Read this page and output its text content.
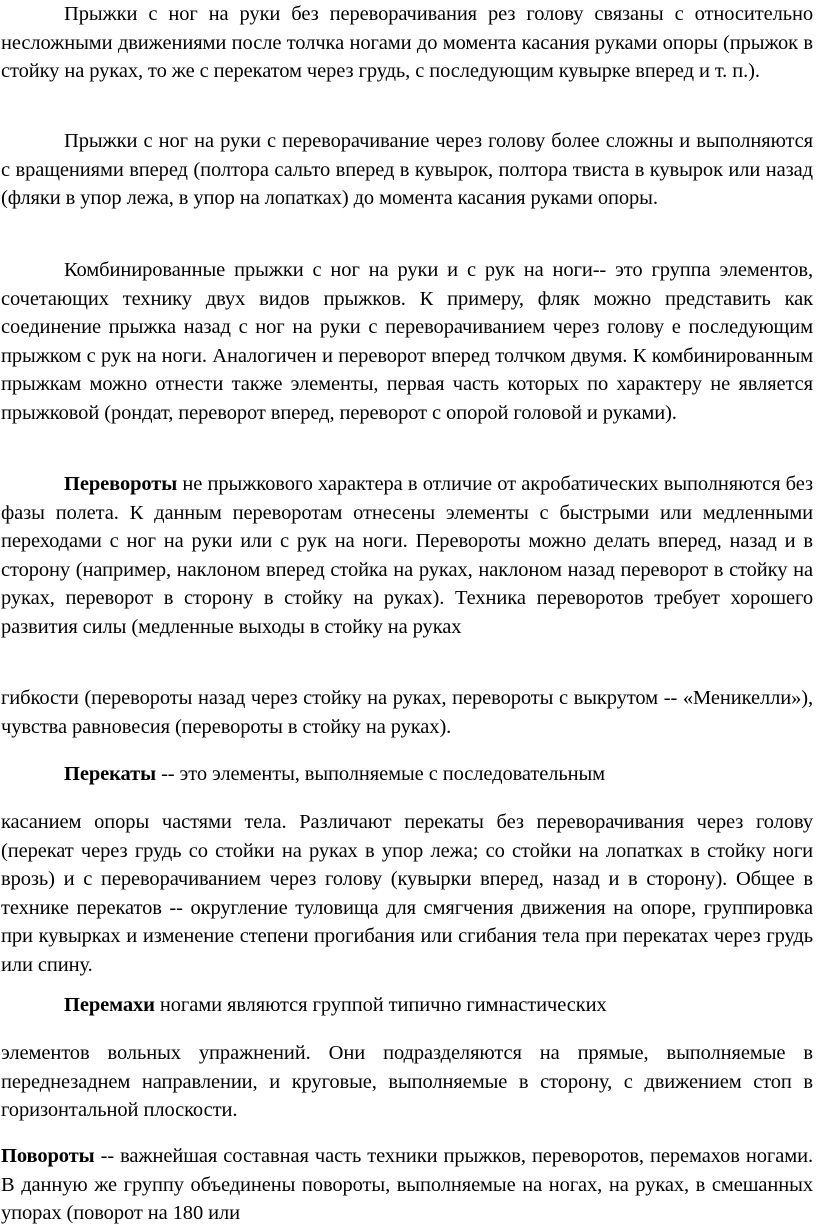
Прыжки с ног на руки без переворачивания рез голову связаны с относительно несложными движениями после толчка ногами до момента касания руками опоры (прыжок в стойку на руках, то же с перекатом через грудь, с последующим кувырке вперед и т. п.).

Прыжки с ног на руки с переворачивание через голову более сложны и выполняются с вращениями вперед (полтора сальто вперед в кувырок, полтора твиста в кувырок или назад (фляки в упор лежа, в упор на лопатках) до момента касания руками опоры.

Комбинированные прыжки с ног на руки и с рук на ноги-- это группа элементов, сочетающих технику двух видов прыжков. К примеру, фляк можно представить как соединение прыжка назад с ног на руки с переворачиванием через голову е последующим прыжком с рук на ноги. Аналогичен и переворот вперед толчком двумя. К комбинированным прыжкам можно отнести также элементы, первая часть которых по характеру не является прыжковой (рондат, переворот вперед, переворот с опорой головой и руками).

Перевороты не прыжкового характера в отличие от акробатических выполняются без фазы полета. К данным переворотам отнесены элементы с быстрыми или медленными переходами с ног на руки или с рук на ноги. Перевороты можно делать вперед, назад и в сторону (например, наклоном вперед стойка на руках, наклоном назад переворот в стойку на руках, переворот в сторону в стойку на руках). Техника переворотов требует хорошего развития силы (медленные выходы в стойку на руках

гибкости (перевороты назад через стойку на руках, перевороты с выкрутом -- «Меникелли»), чувства равновесия (перевороты в стойку на руках).

Перекаты -- это элементы, выполняемые с последовательным

касанием опоры частями тела. Различают перекаты без переворачивания через голову (перекат через грудь со стойки на руках в упор лежа; со стойки на лопатках в стойку ноги врозь) и с переворачиванием через голову (кувырки вперед, назад и в сторону). Общее в технике перекатов -- округление туловища для смягчения движения на опоре, группировка при кувырках и изменение степени прогибания или сгибания тела при перекатах через грудь или спину.

Перемахи ногами являются группой типично гимнастических

элементов вольных упражнений. Они подразделяются на прямые, выполняемые в переднезаднем направлении, и круговые, выполняемые в сторону, с движением стоп в горизонтальной плоскости.

Повороты -- важнейшая составная часть техники прыжков, переворотов, перемахов ногами. В данную же группу объединены повороты, выполняемые на ногах, на руках, в смешанных упорах (поворот на 180 или
